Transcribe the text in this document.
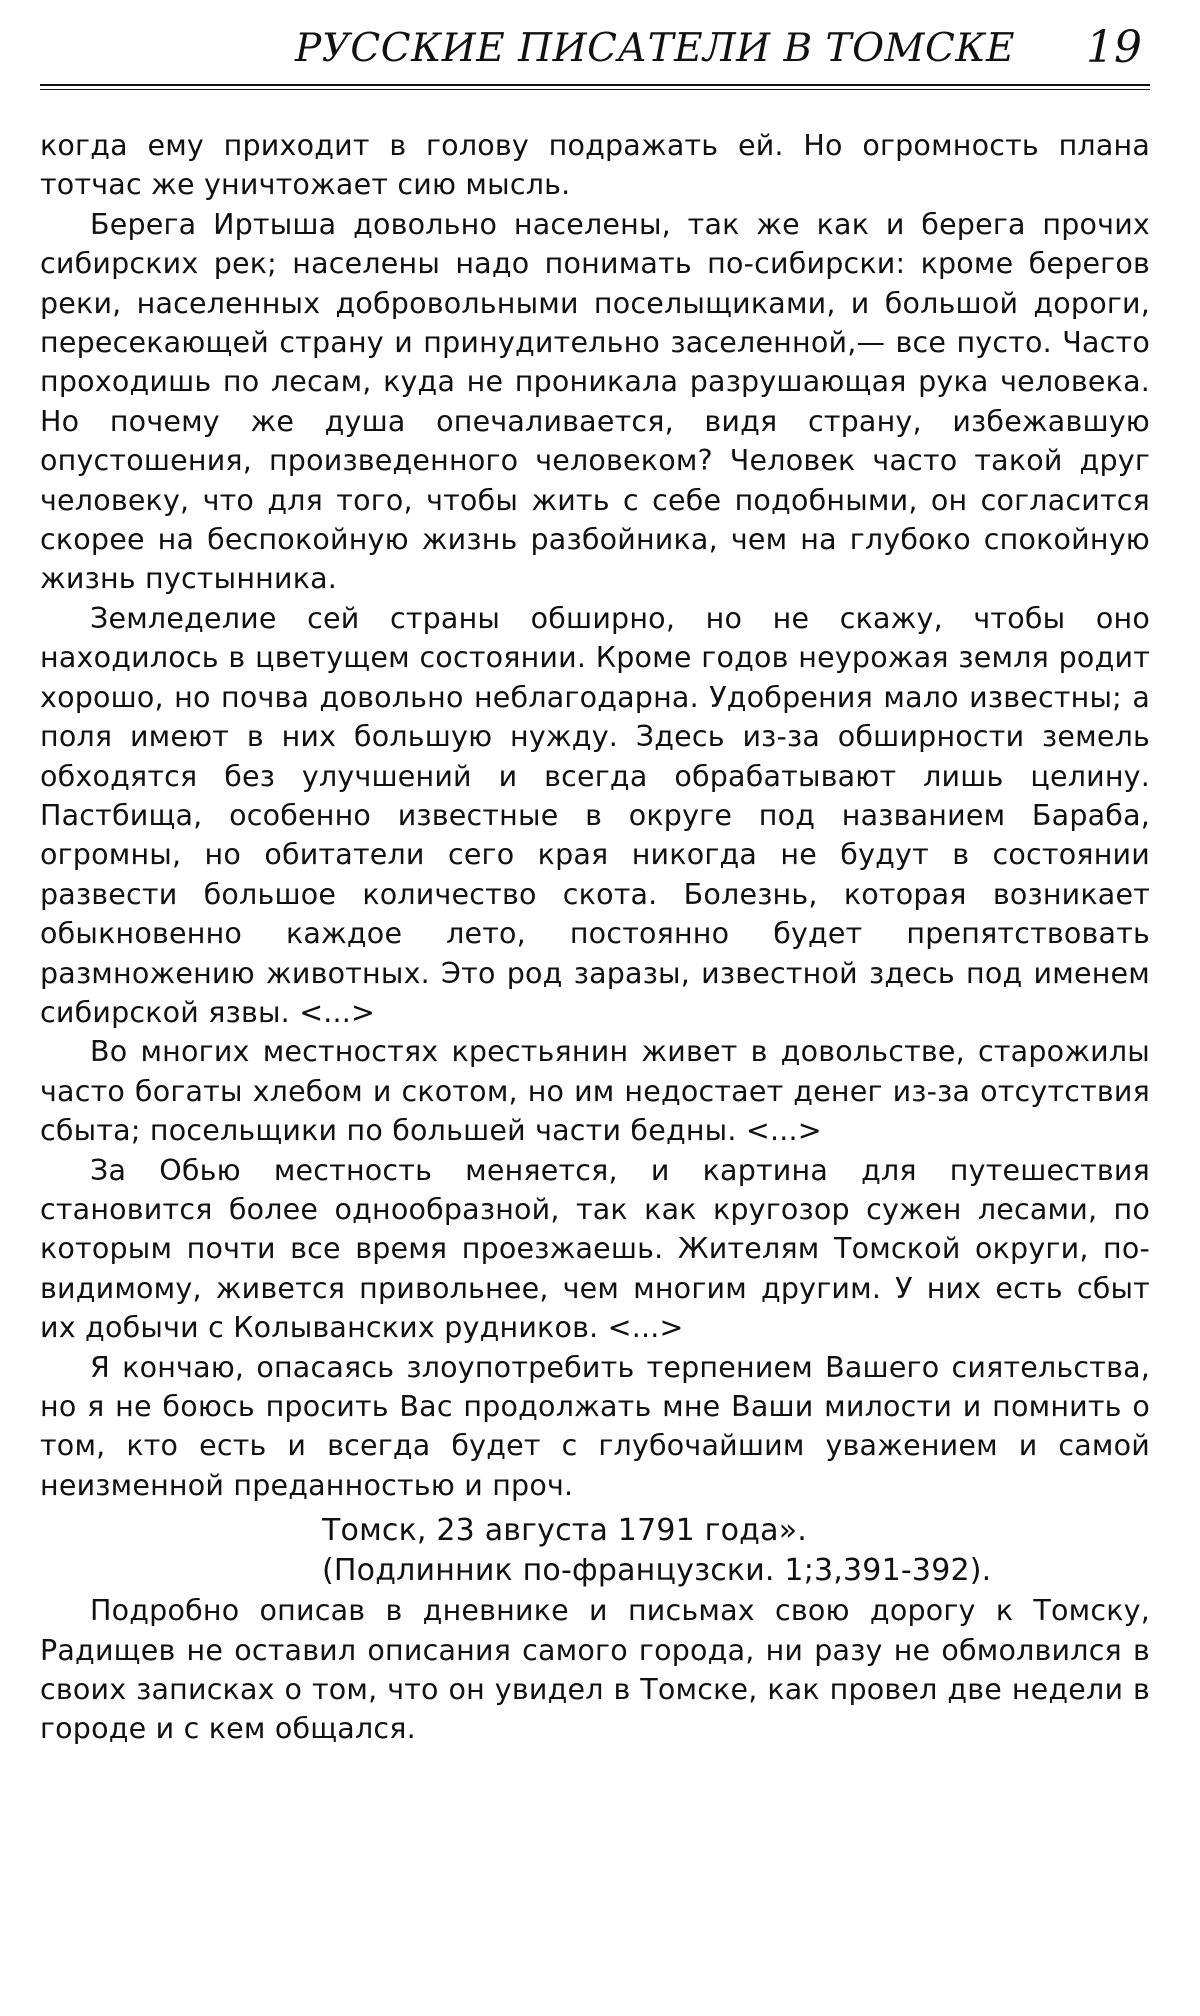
РУССКИЕ ПИСАТЕЛИ В ТОМСКЕ 19

когда ему приходит в голову подражать ей. Но огромность плана тотчас же уничтожает сию мысль.

Берега Иртыша довольно населены, так же как и берега прочих сибирских рек; населены надо понимать по-сибирски: кроме берегов реки, населенных добровольными поселыщиками, и большой дороги, пересекающей страну и принудительно заселенной,— все пусто. Часто проходишь по лесам, куда не проникала разрушающая рука человека. Но почему же душа опечаливается, видя страну, избежавшую опустошения, произведенного человеком? Человек часто такой друг человеку, что для того, чтобы жить с себе подобными, он согласится скорее на беспокойную жизнь разбойника, чем на глубоко спокойную жизнь пустынника.

Земледелие сей страны обширно, но не скажу, чтобы оно находилось в цветущем состоянии. Кроме годов неурожая земля родит хорошо, но почва довольно неблагодарна. Удобрения мало известны; а поля имеют в них большую нужду. Здесь из-за обширности земель обходятся без улучшений и всегда обрабатывают лишь целину. Пастбища, особенно известные в округе под названием Бараба, огромны, но обитатели сего края никогда не будут в состоянии развести большое количество скота. Болезнь, которая возникает обыкновенно каждое лето, постоянно будет препятствовать размножению животных. Это род заразы, известной здесь под именем сибирской язвы. <...>

Во многих местностях крестьянин живет в довольстве, старожилы часто богаты хлебом и скотом, но им недостает денег из-за отсутствия сбыта; посельщики по большей части бедны. <...>

За Обью местность меняется, и картина для путешествия становится более однообразной, так как кругозор сужен лесами, по которым почти все время проезжаешь. Жителям Томской округи, по-видимому, живется привольнее, чем многим другим. У них есть сбыт их добычи с Колыванских рудников. <...>

Я кончаю, опасаясь злоупотребить терпением Вашего сиятельства, но я не боюсь просить Вас продолжать мне Ваши милости и помнить о том, кто есть и всегда будет с глубочайшим уважением и самой неизменной преданностью и проч.

Томск, 23 августа 1791 года».

(Подлинник по-французски. 1;3,391-392).

Подробно описав в дневнике и письмах свою дорогу к Томску, Радищев не оставил описания самого города, ни разу не обмолвился в своих записках о том, что он увидел в Томске, как провел две недели в городе и с кем общался.
